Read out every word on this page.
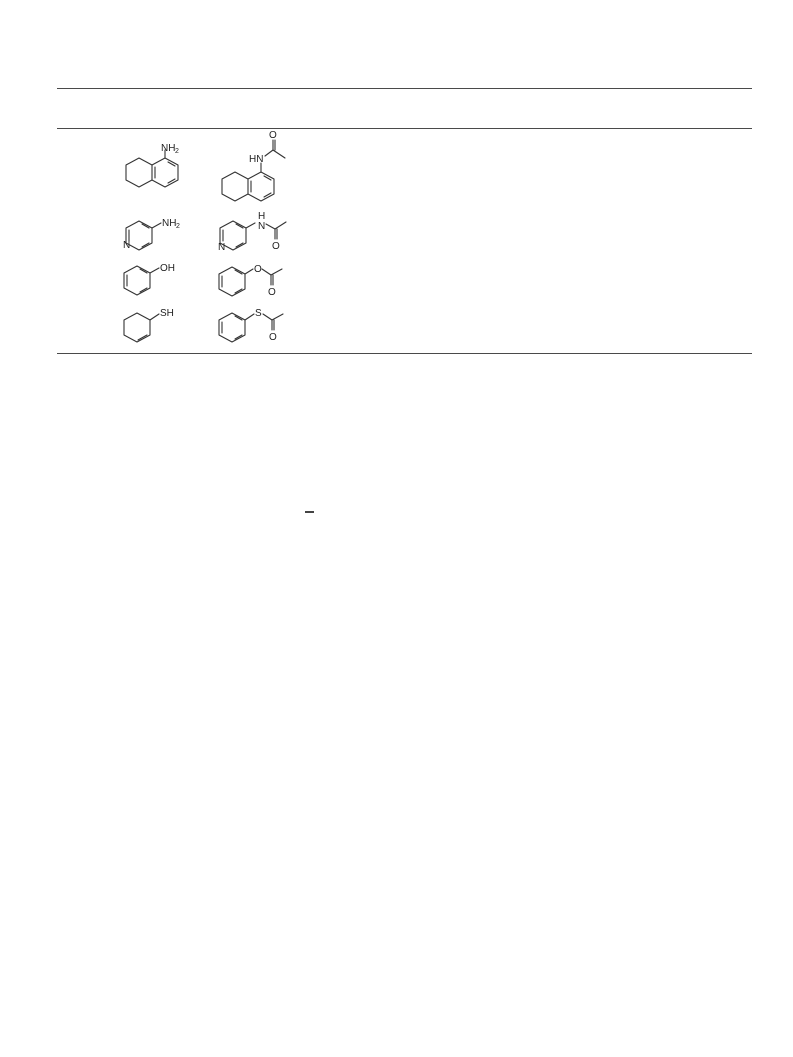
NH 2
HN
O
N
NH 2
N
H
N
O
OH	O
O
SH	S
O
